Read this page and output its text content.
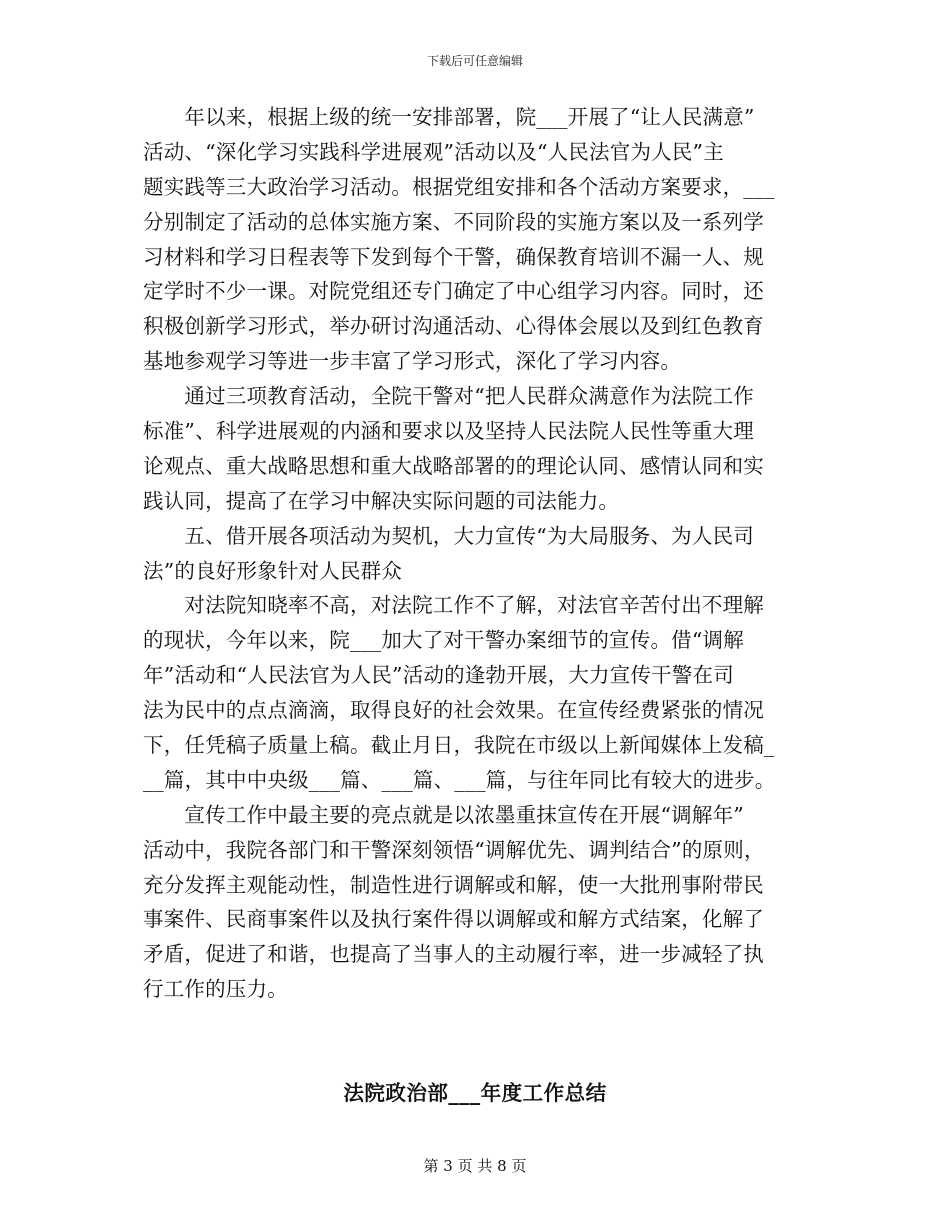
下载后可任意编辑
　　年以来，根据上级的统一安排部署，院___开展了“让人民满意”
活动、“深化学习实践科学进展观”活动以及“人民法官为人民”主
题实践等三大政治学习活动。根据党组安排和各个活动方案要求，___
分别制定了活动的总体实施方案、不同阶段的实施方案以及一系列学
习材料和学习日程表等下发到每个干警，确保教育培训不漏一人、规
定学时不少一课。对院党组还专门确定了中心组学习内容。同时，还
积极创新学习形式，举办研讨沟通活动、心得体会展以及到红色教育
基地参观学习等进一步丰富了学习形式，深化了学习内容。
　　通过三项教育活动，全院干警对“把人民群众满意作为法院工作
标准”、科学进展观的内涵和要求以及坚持人民法院人民性等重大理
论观点、重大战略思想和重大战略部署的的理论认同、感情认同和实
践认同，提高了在学习中解决实际问题的司法能力。
　　五、借开展各项活动为契机，大力宣传“为大局服务、为人民司
法”的良好形象针对人民群众
　　对法院知晓率不高，对法院工作不了解，对法官辛苦付出不理解
的现状，今年以来，院___加大了对干警办案细节的宣传。借“调解
年”活动和“人民法官为人民”活动的逢勃开展，大力宣传干警在司
法为民中的点点滴滴，取得良好的社会效果。在宣传经费紧张的情况
下，任凭稿子质量上稿。截止月日，我院在市级以上新闻媒体上发稿_
__篇，其中中央级___篇、___篇、___篇，与往年同比有较大的进步。
　　宣传工作中最主要的亮点就是以浓墨重抹宣传在开展“调解年”
活动中，我院各部门和干警深刻领悟“调解优先、调判结合”的原则，
充分发挥主观能动性，制造性进行调解或和解，使一大批刑事附带民
事案件、民商事案件以及执行案件得以调解或和解方式结案，化解了
矛盾，促进了和谐，也提高了当事人的主动履行率，进一步减轻了执
行工作的压力。
法院政治部___年度工作总结
第 3 页 共 8 页
